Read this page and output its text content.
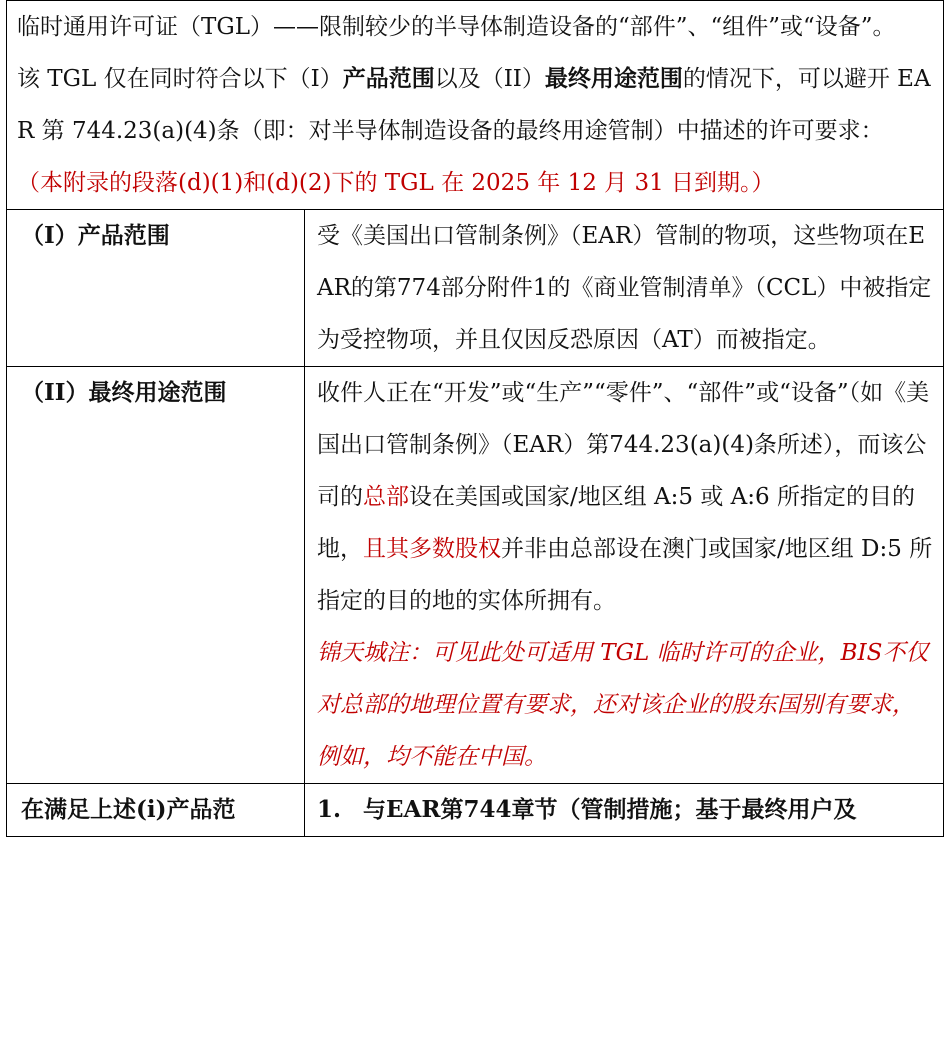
临时通用许可证（TGL）——限制较少的半导体制造设备的“部件”、“组件”或“设备”。

该 TGL 仅在同时符合以下（I）产品范围以及（II）最终用途范围的情况下，可以避开 EAR 第 744.23(a)(4)条（即：对半导体制造设备的最终用途管制）中描述的许可要求：

（本附录的段落(d)(1)和(d)(2)下的 TGL 在 2025 年 12 月 31 日到期。）	

（I）产品范围	受《美国出口管制条例》（EAR）管制的物项，这些物项在EAR的第774部分附件1的《商业管制清单》（CCL）中被指定为受控物项，并且仅因反恐原因（AT）而被指定。

（II）最终用途范围	收件人正在“开发”或“生产”“零件”、“部件”或“设备”（如《美国出口管制条例》（EAR）第744.23(a)(4)条所述），而该公司的总部设在美国或国家/地区组 A:5 或 A:6 所指定的目的地，且其多数股权并非由总部设在澳门或国家/地区组 D:5 所指定的目的地的实体所拥有。

锦天城注：可见此处可适用 TGL 临时许可的企业，BIS不仅对总部的地理位置有要求，还对该企业的股东国别有要求，例如，均不能在中国。

在满足上述(i)产品范	1. 与EAR第744章节（管制措施；基于最终用户及
